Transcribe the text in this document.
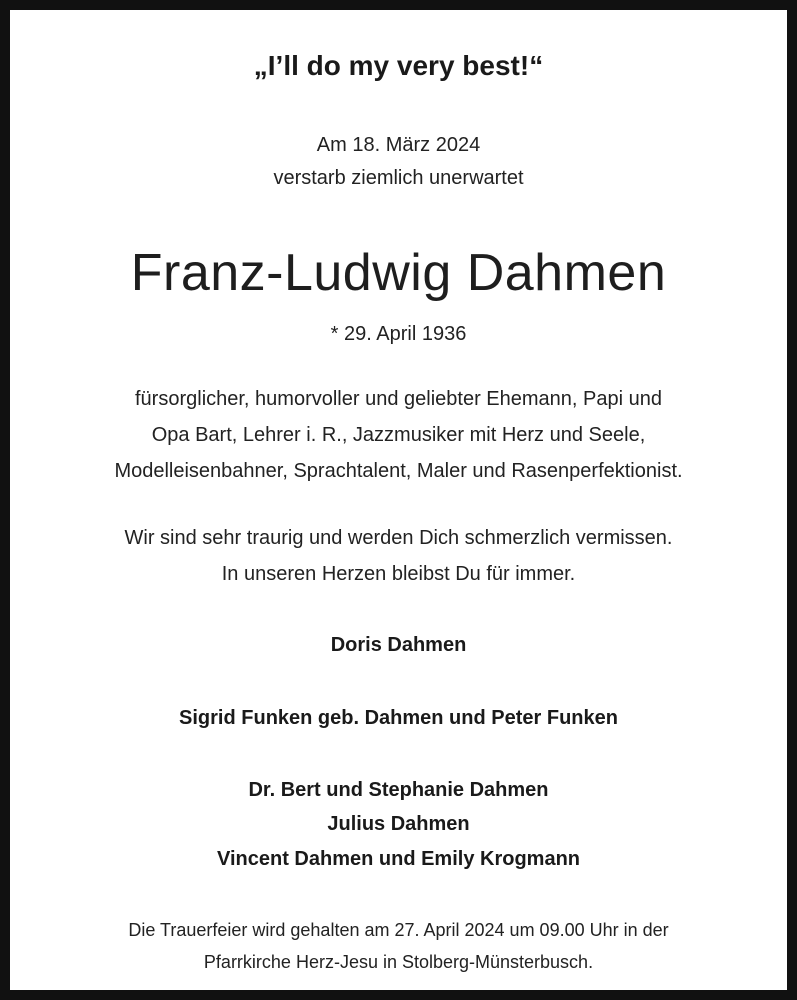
„I’ll do my very best!“
Am 18. März 2024
verstarb ziemlich unerwartet
Franz-Ludwig Dahmen
* 29. April 1936
fürsorglicher, humorvoller und geliebter Ehemann, Papi und
Opa Bart, Lehrer i. R., Jazzmusiker mit Herz und Seele,
Modelleisenbahner, Sprachtalent, Maler und Rasenperfektionist.
Wir sind sehr traurig und werden Dich schmerzlich vermissen.
In unseren Herzen bleibst Du für immer.
Doris Dahmen
Sigrid Funken geb. Dahmen und Peter Funken
Dr. Bert und Stephanie Dahmen
Julius Dahmen
Vincent Dahmen und Emily Krogmann
Die Trauerfeier wird gehalten am 27. April 2024 um 09.00 Uhr in der
Pfarrkirche Herz-Jesu in Stolberg-Münsterbusch.
